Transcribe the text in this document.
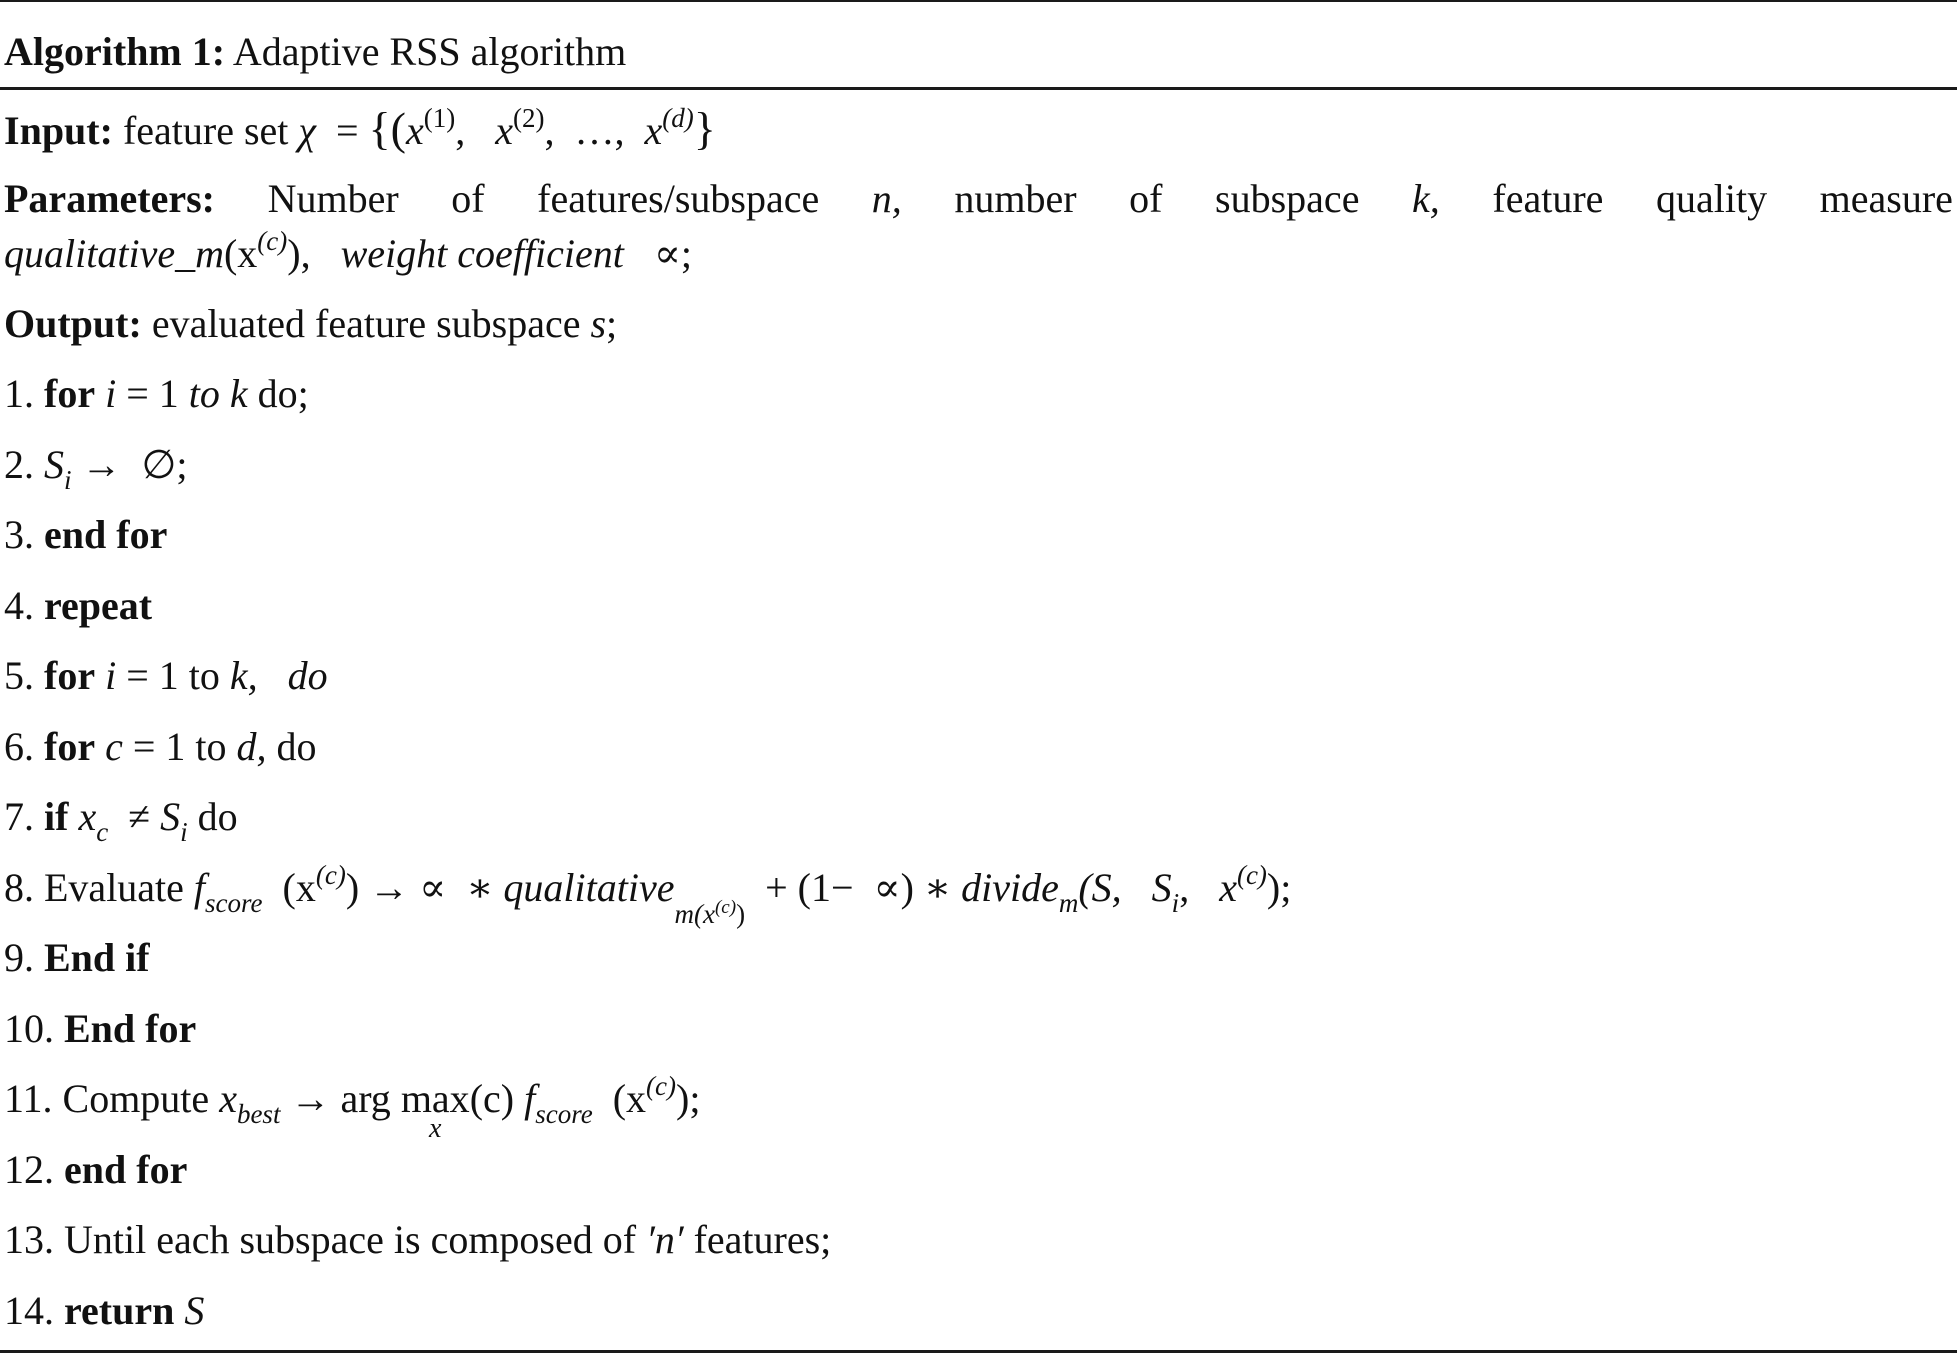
Algorithm 1: Adaptive RSS algorithm
Input: feature set $\chi = \{(x^{(1)}$,   $x^{(2)}$,  …,  $x^{(d)}$}
Parameters: Number of features/subspace n, number of subspace k, feature quality measure
$qualitative\_m(x^{(c)})$, weight coefficient ∝;
Output: evaluated feature subspace s;
1. for i = 1 to k do;
2. $S_i$ → ∅;
3. end for
4. repeat
5. for i = 1 to k, do
6. for c = 1 to d, do
7. if $x_c \ne S_i$ do
8. Evaluate $f_{score}$ $(x^{(c)})$ → ∝ ∗ qualitative$_{m(x^{(c)})}$ + (1− ∝) ∗ divide$_m$(S, $S_i$, $x^{(c)}$);
9. End if
10. End for
11. Compute $x_{best}$ → arg max
x
(c) $f_{score}$ $(x^{(c)})$;
12. end for
13. Until each subspace is composed of ′n′ features;
14. return S
